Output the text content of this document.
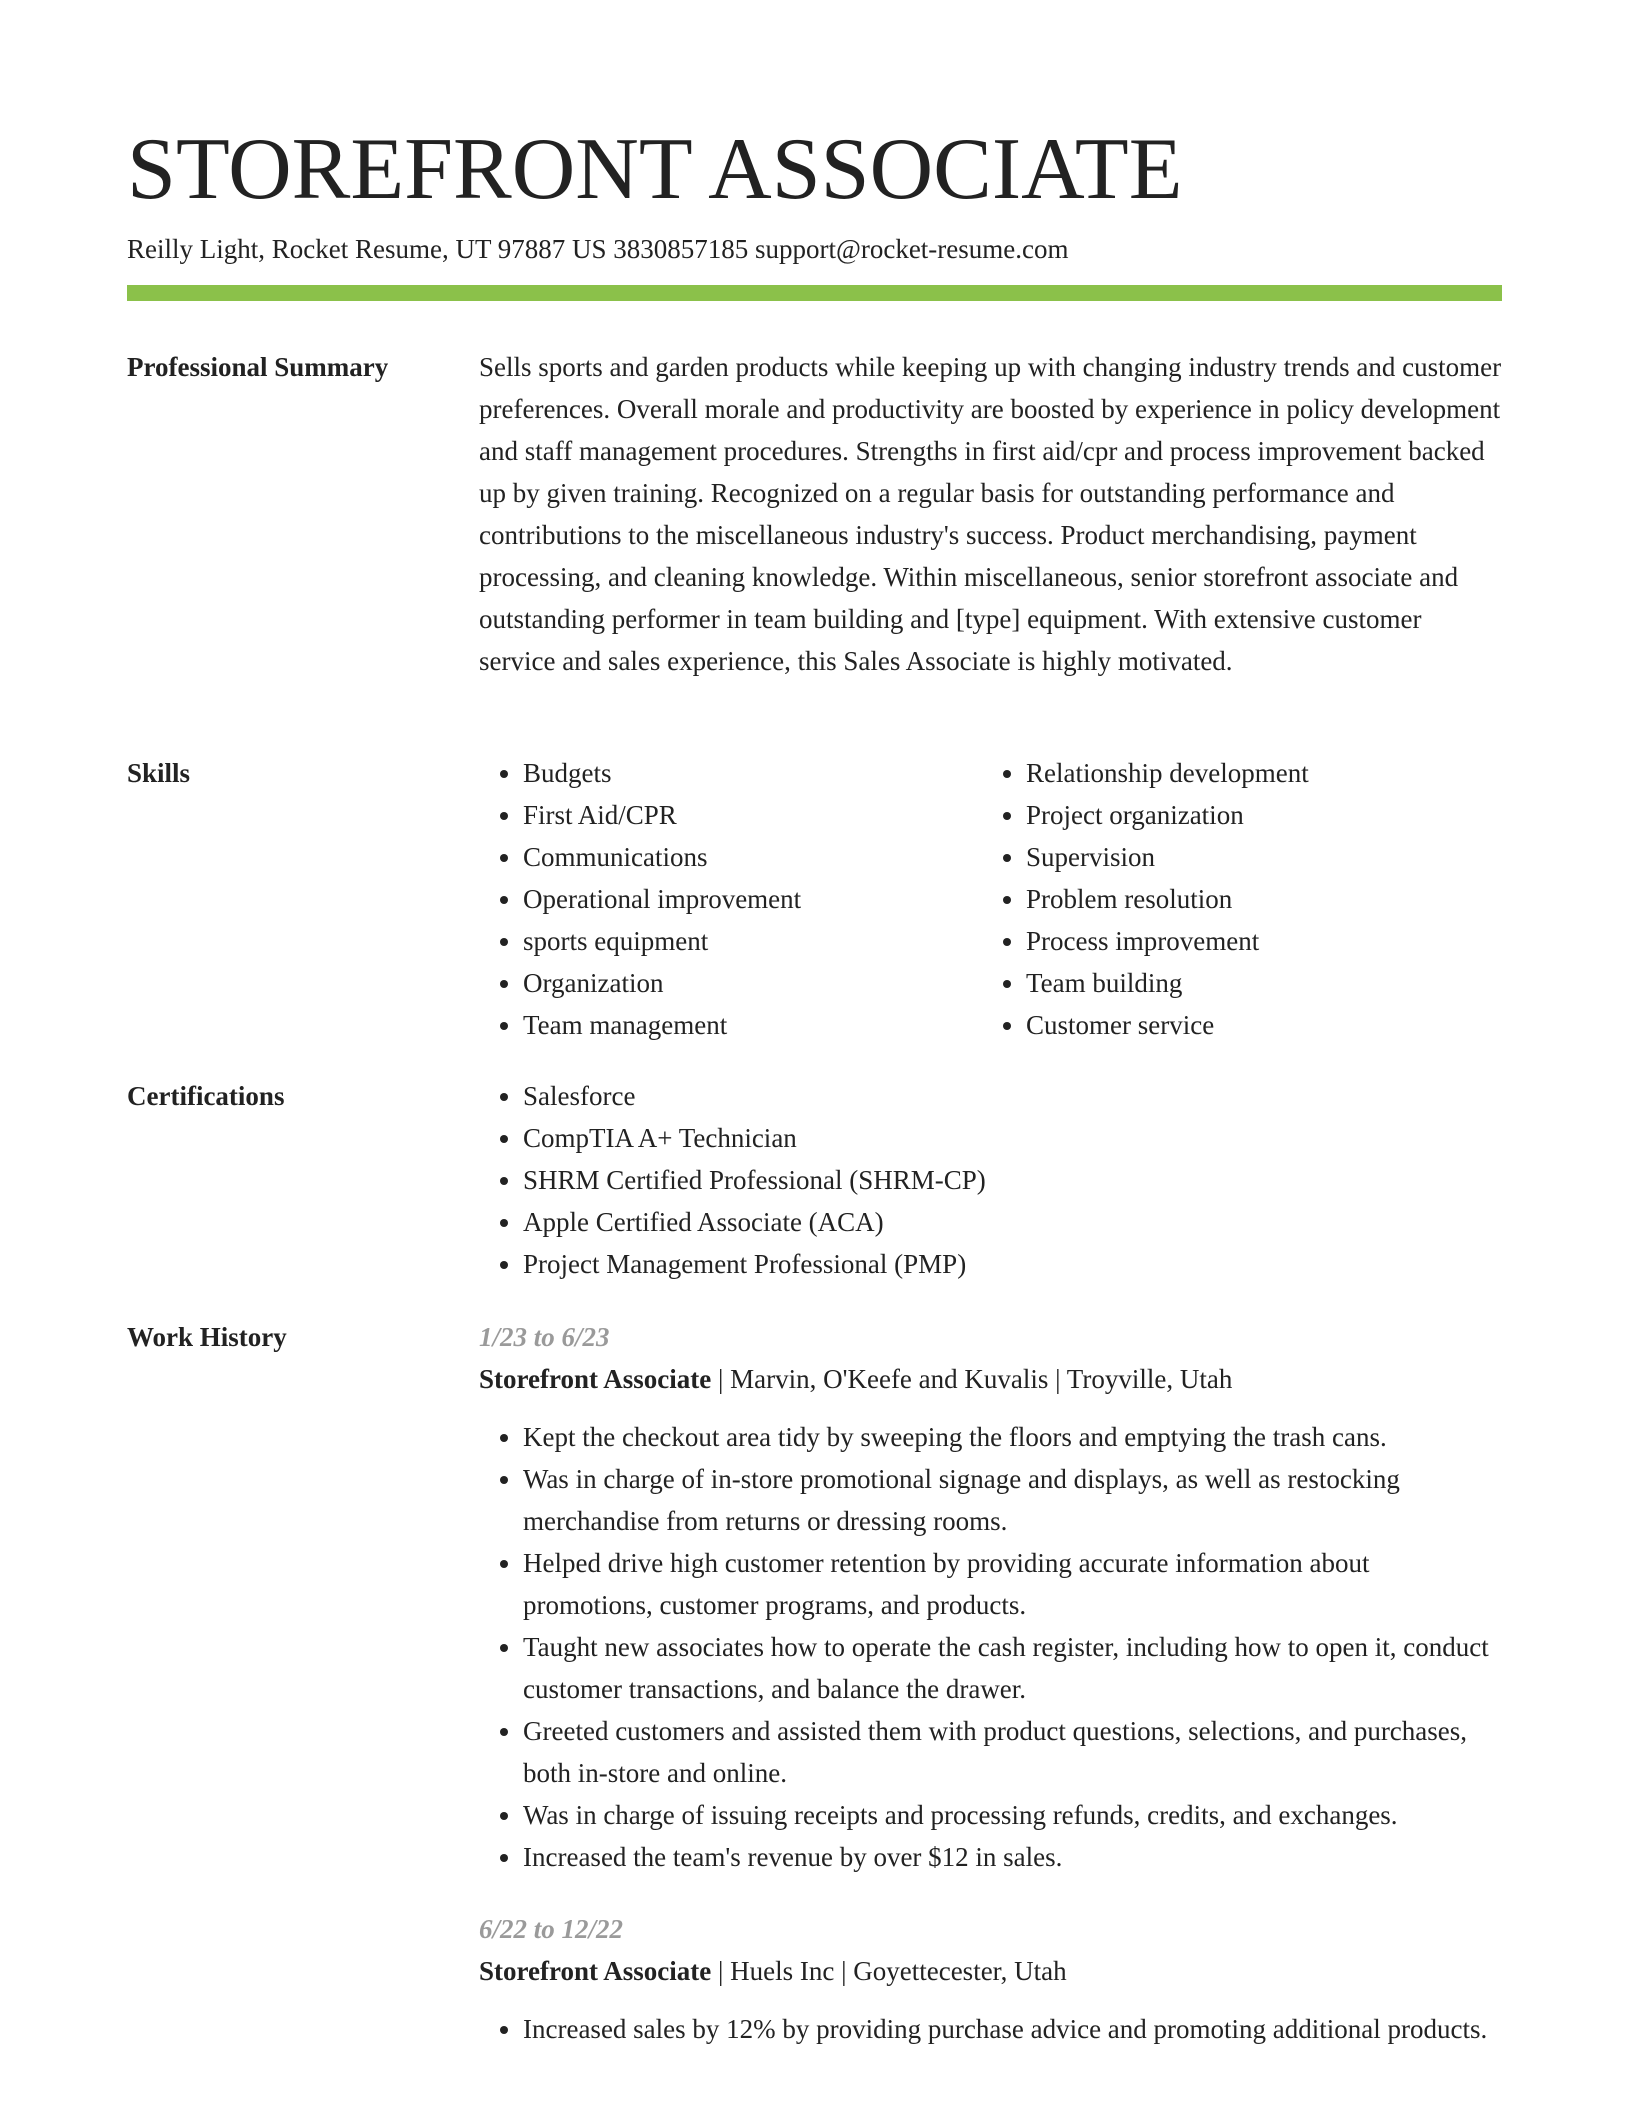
STOREFRONT ASSOCIATE
Reilly Light, Rocket Resume, UT 97887 US 3830857185 support@rocket-resume.com
Professional Summary	Sells sports and garden products while keeping up with changing industry trends and customer preferences. Overall morale and productivity are boosted by experience in policy development and staff management procedures. Strengths in first aid/cpr and process improvement backed up by given training. Recognized on a regular basis for outstanding performance and contributions to the miscellaneous industry's success. Product merchandising, payment processing, and cleaning knowledge. Within miscellaneous, senior storefront associate and outstanding performer in team building and [type] equipment. With extensive customer service and sales experience, this Sales Associate is highly motivated.

Skills	• Budgets
• First Aid/CPR
• Communications
• Operational improvement
• sports equipment
• Organization
• Team management
• Relationship development
• Project organization
• Supervision
• Problem resolution
• Process improvement
• Team building
• Customer service
Certifications	• Salesforce
• CompTIA A+ Technician
• SHRM Certified Professional (SHRM-CP)
• Apple Certified Associate (ACA)
• Project Management Professional (PMP)
Work History	1/23 to 6/23
Storefront Associate | Marvin, O'Keefe and Kuvalis | Troyville, Utah
• Kept the checkout area tidy by sweeping the floors and emptying the trash cans.
• Was in charge of in-store promotional signage and displays, as well as restocking merchandise from returns or dressing rooms.
• Helped drive high customer retention by providing accurate information about promotions, customer programs, and products.
• Taught new associates how to operate the cash register, including how to open it, conduct customer transactions, and balance the drawer.
• Greeted customers and assisted them with product questions, selections, and purchases, both in-store and online.
• Was in charge of issuing receipts and processing refunds, credits, and exchanges.
• Increased the team's revenue by over $12 in sales.
6/22 to 12/22
Storefront Associate | Huels Inc | Goyettecester, Utah
• Increased sales by 12% by providing purchase advice and promoting additional products.
